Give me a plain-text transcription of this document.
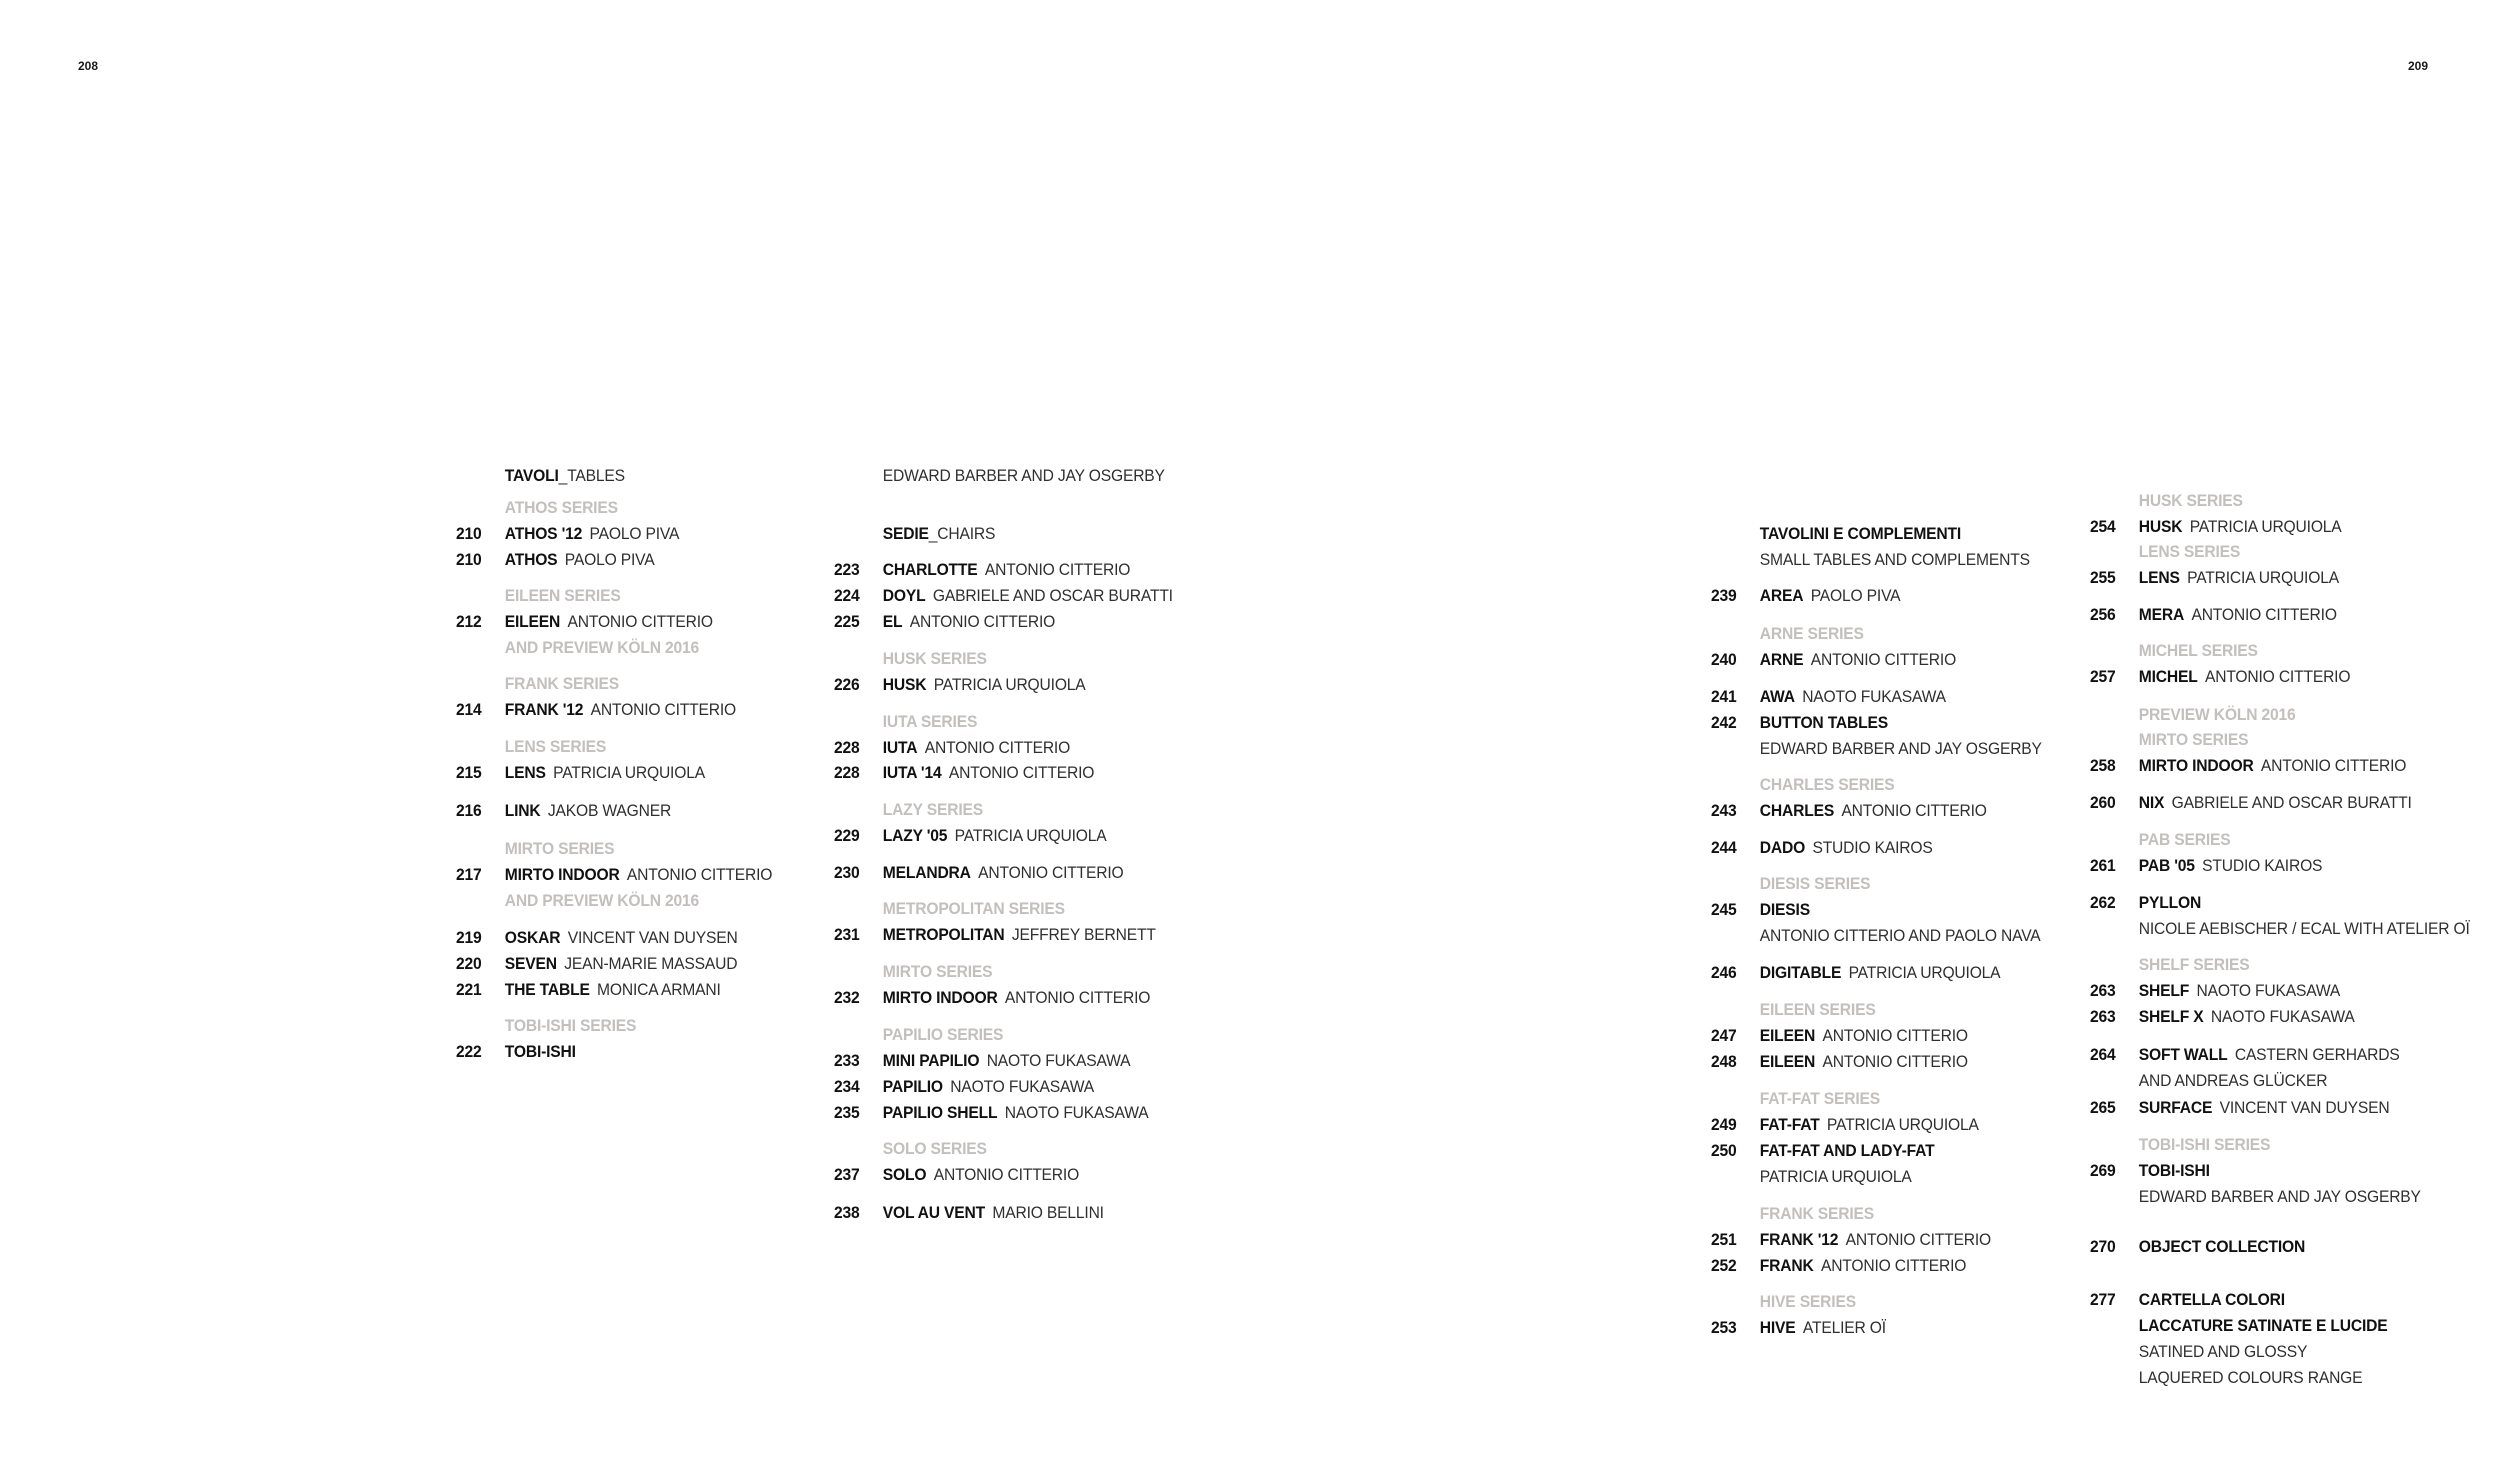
208	209
TAVOLI_TABLES
ATHOS SERIES
210 ATHOS '12 PAOLO PIVA
210 ATHOS PAOLO PIVA
EILEEN SERIES
212 EILEEN ANTONIO CITTERIO
AND PREVIEW KÖLN 2016
FRANK SERIES
214 FRANK '12 ANTONIO CITTERIO
LENS SERIES
215 LENS PATRICIA URQUIOLA
216 LINK JAKOB WAGNER
MIRTO SERIES
217 MIRTO INDOOR ANTONIO CITTERIO
AND PREVIEW KÖLN 2016
219 OSKAR VINCENT VAN DUYSEN
220 SEVEN JEAN-MARIE MASSAUD
221 THE TABLE MONICA ARMANI
TOBI-ISHI SERIES
222 TOBI-ISHI
EDWARD BARBER AND JAY OSGERBY
SEDIE_CHAIRS
223 CHARLOTTE ANTONIO CITTERIO
224 DOYL GABRIELE AND OSCAR BURATTI
225 EL ANTONIO CITTERIO
HUSK SERIES
226 HUSK PATRICIA URQUIOLA
IUTA SERIES
228 IUTA ANTONIO CITTERIO
228 IUTA '14 ANTONIO CITTERIO
LAZY SERIES
229 LAZY '05 PATRICIA URQUIOLA
230 MELANDRA ANTONIO CITTERIO
METROPOLITAN SERIES
231 METROPOLITAN JEFFREY BERNETT
MIRTO SERIES
232 MIRTO INDOOR ANTONIO CITTERIO
PAPILIO SERIES
233 MINI PAPILIO NAOTO FUKASAWA
234 PAPILIO NAOTO FUKASAWA
235 PAPILIO SHELL NAOTO FUKASAWA
SOLO SERIES
237 SOLO ANTONIO CITTERIO
238 VOL AU VENT MARIO BELLINI
TAVOLINI E COMPLEMENTI
SMALL TABLES AND COMPLEMENTS
239 AREA PAOLO PIVA
ARNE SERIES
240 ARNE ANTONIO CITTERIO
241 AWA NAOTO FUKASAWA
242 BUTTON TABLES
EDWARD BARBER AND JAY OSGERBY
CHARLES SERIES
243 CHARLES ANTONIO CITTERIO
244 DADO STUDIO KAIROS
DIESIS SERIES
245 DIESIS
ANTONIO CITTERIO AND PAOLO NAVA
246 DIGITABLE PATRICIA URQUIOLA
EILEEN SERIES
247 EILEEN ANTONIO CITTERIO
248 EILEEN ANTONIO CITTERIO
FAT-FAT SERIES
249 FAT-FAT PATRICIA URQUIOLA
250 FAT-FAT AND LADY-FAT
PATRICIA URQUIOLA
FRANK SERIES
251 FRANK '12 ANTONIO CITTERIO
252 FRANK ANTONIO CITTERIO
HIVE SERIES
253 HIVE ATELIER OÏ
HUSK SERIES
254 HUSK PATRICIA URQUIOLA
LENS SERIES
255 LENS PATRICIA URQUIOLA
256 MERA ANTONIO CITTERIO
MICHEL SERIES
257 MICHEL ANTONIO CITTERIO
PREVIEW KÖLN 2016
MIRTO SERIES
258 MIRTO INDOOR ANTONIO CITTERIO
260 NIX GABRIELE AND OSCAR BURATTI
PAB SERIES
261 PAB '05 STUDIO KAIROS
262 PYLLON
NICOLE AEBISCHER / ECAL WITH ATELIER OÏ
SHELF SERIES
263 SHELF NAOTO FUKASAWA
263 SHELF X NAOTO FUKASAWA
264 SOFT WALL CASTERN GERHARDS
AND ANDREAS GLÜCKER
265 SURFACE VINCENT VAN DUYSEN
TOBI-ISHI SERIES
269 TOBI-ISHI
EDWARD BARBER AND JAY OSGERBY
270 OBJECT COLLECTION
277 CARTELLA COLORI
LACCATURE SATINATE E LUCIDE
SATINED AND GLOSSY
LAQUERED COLOURS RANGE
